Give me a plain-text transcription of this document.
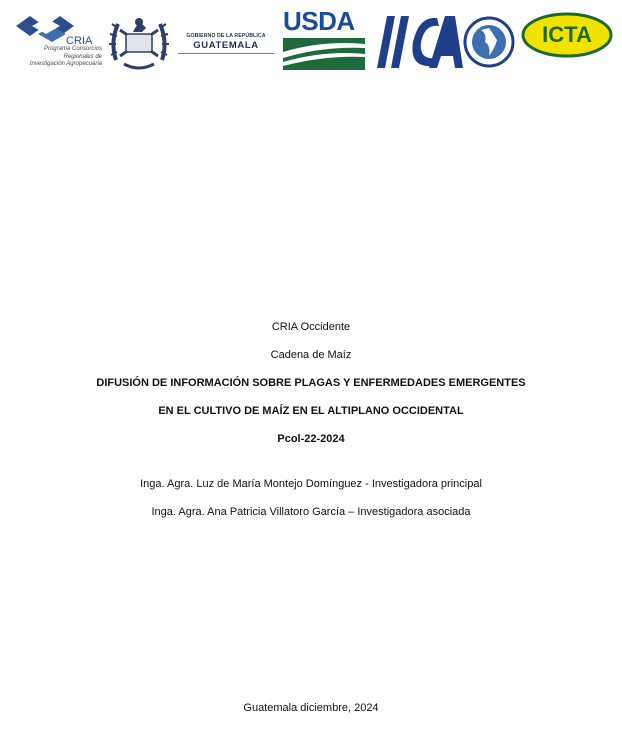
CRIA
Programa Consorcios
Regionales de
Investigación Agropecuaria
GOBIERNO DE LA REPÚBLICA
GUATEMALA
USDA	ICTA
CRIA Occidente
Cadena de Maíz
DIFUSIÓN DE INFORMACIÓN SOBRE PLAGAS Y ENFERMEDADES EMERGENTES
EN EL CULTIVO DE MAÍZ EN EL ALTIPLANO OCCIDENTAL
Pcol-22-2024
Inga. Agra. Luz de María Montejo Domínguez - Investigadora principal
Inga. Agra. Ana Patricia Villatoro García – Investigadora asociada
Guatemala diciembre, 2024
